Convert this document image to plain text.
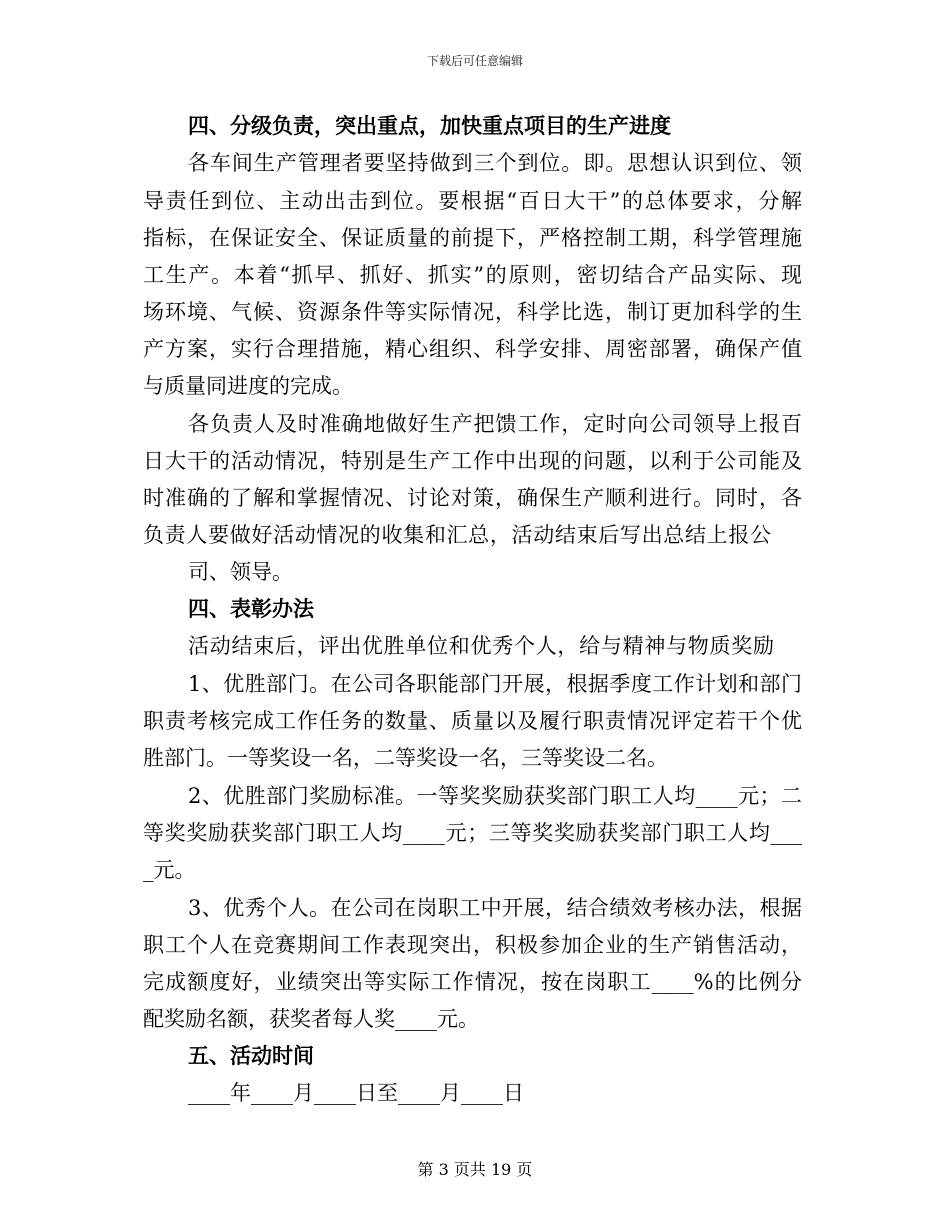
下载后可任意编辑
四、分级负责，突出重点，加快重点项目的生产进度
各车间生产管理者要坚持做到三个到位。即。思想认识到位、领
导责任到位、主动出击到位。要根据“百日大干”的总体要求，分解
指标，在保证安全、保证质量的前提下，严格控制工期，科学管理施
工生产。本着“抓早、抓好、抓实”的原则，密切结合产品实际、现
场环境、气候、资源条件等实际情况，科学比选，制订更加科学的生
产方案，实行合理措施，精心组织、科学安排、周密部署，确保产值
与质量同进度的完成。
各负责人及时准确地做好生产把馈工作，定时向公司领导上报百
日大干的活动情况，特别是生产工作中出现的问题，以利于公司能及
时准确的了解和掌握情况、讨论对策，确保生产顺利进行。同时，各
负责人要做好活动情况的收集和汇总，活动结束后写出总结上报公
司、领导。
四、表彰办法
活动结束后，评出优胜单位和优秀个人，给与精神与物质奖励
1、优胜部门。在公司各职能部门开展，根据季度工作计划和部门
职责考核完成工作任务的数量、质量以及履行职责情况评定若干个优
胜部门。一等奖设一名，二等奖设一名，三等奖设二名。
2、优胜部门奖励标准。一等奖奖励获奖部门职工人均____元；二
等奖奖励获奖部门职工人均____元；三等奖奖励获奖部门职工人均___
_元。
3、优秀个人。在公司在岗职工中开展，结合绩效考核办法，根据
职工个人在竞赛期间工作表现突出，积极参加企业的生产销售活动，
完成额度好，业绩突出等实际工作情况，按在岗职工____%的比例分
配奖励名额，获奖者每人奖____元。
五、活动时间
____年____月____日至____月____日
第 3 页共 19 页
